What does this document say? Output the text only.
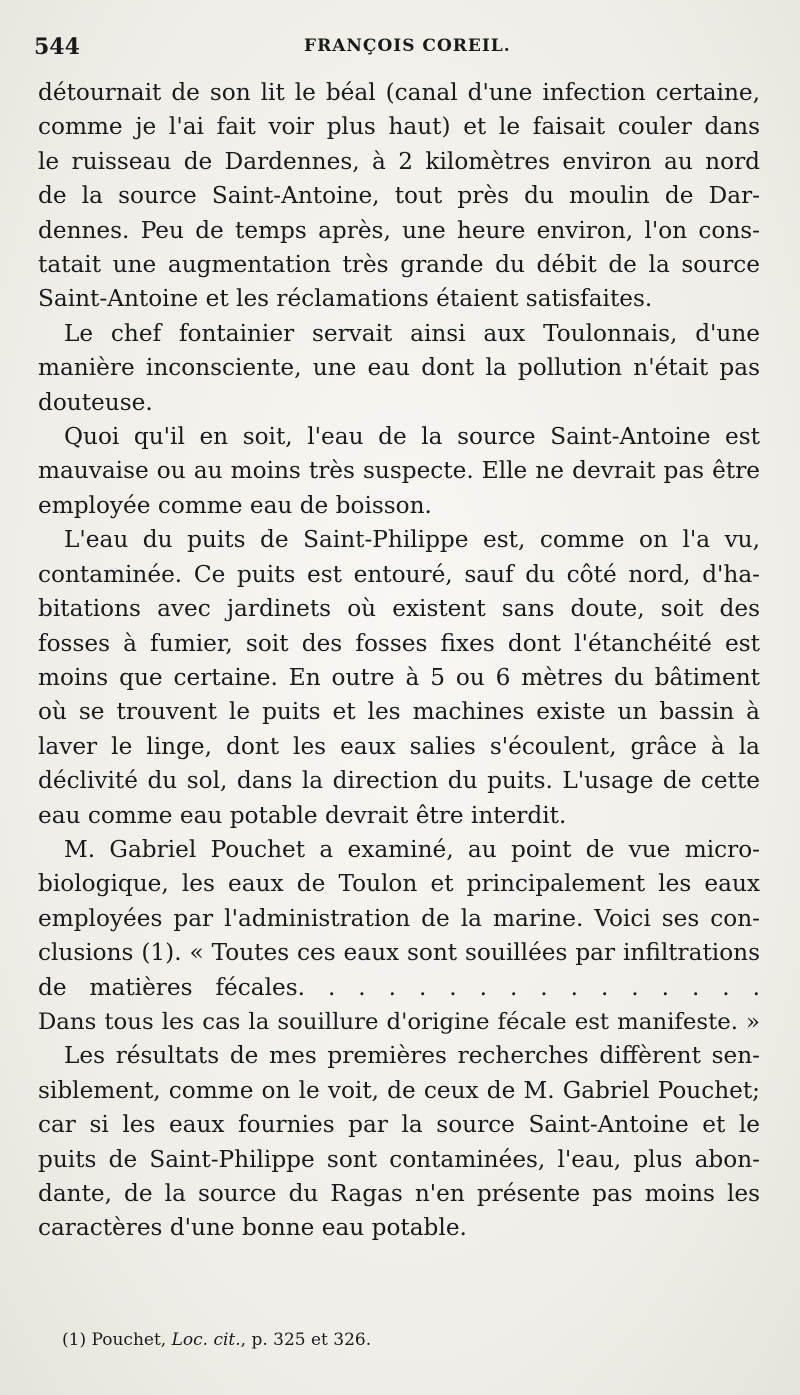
544	FRANÇOIS COREIL.

détournait de son lit le béal (canal d'une infection certaine,
comme je l'ai fait voir plus haut) et le faisait couler dans
le ruisseau de Dardennes, à 2 kilomètres environ au nord
de la source Saint-Antoine, tout près du moulin de Dar-
dennes. Peu de temps après, une heure environ, l'on cons-
tatait une augmentation très grande du débit de la source
Saint-Antoine et les réclamations étaient satisfaites.

Le chef fontainier servait ainsi aux Toulonnais, d'une
manière inconsciente, une eau dont la pollution n'était pas
douteuse.

Quoi qu'il en soit, l'eau de la source Saint-Antoine est
mauvaise ou au moins très suspecte. Elle ne devrait pas être
employée comme eau de boisson.

L'eau du puits de Saint-Philippe est, comme on l'a vu,
contaminée. Ce puits est entouré, sauf du côté nord, d'ha-
bitations avec jardinets où existent sans doute, soit des
fosses à fumier, soit des fosses fixes dont l'étanchéité est
moins que certaine. En outre à 5 ou 6 mètres du bâtiment
où se trouvent le puits et les machines existe un bassin à
laver le linge, dont les eaux salies s'écoulent, grâce à la
déclivité du sol, dans la direction du puits. L'usage de cette
eau comme eau potable devrait être interdit.

M. Gabriel Pouchet a examiné, au point de vue micro-
biologique, les eaux de Toulon et principalement les eaux
employées par l'administration de la marine. Voici ses con-
clusions (1). « Toutes ces eaux sont souillées par infiltrations
de matières fécales. . . . . . . . . . . . . . . .
Dans tous les cas la souillure d'origine fécale est manifeste. »

Les résultats de mes premières recherches diffèrent sen-
siblement, comme on le voit, de ceux de M. Gabriel Pouchet;
car si les eaux fournies par la source Saint-Antoine et le
puits de Saint-Philippe sont contaminées, l'eau, plus abon-
dante, de la source du Ragas n'en présente pas moins les
caractères d'une bonne eau potable.

(1) Pouchet, Loc. cit., p. 325 et 326.
